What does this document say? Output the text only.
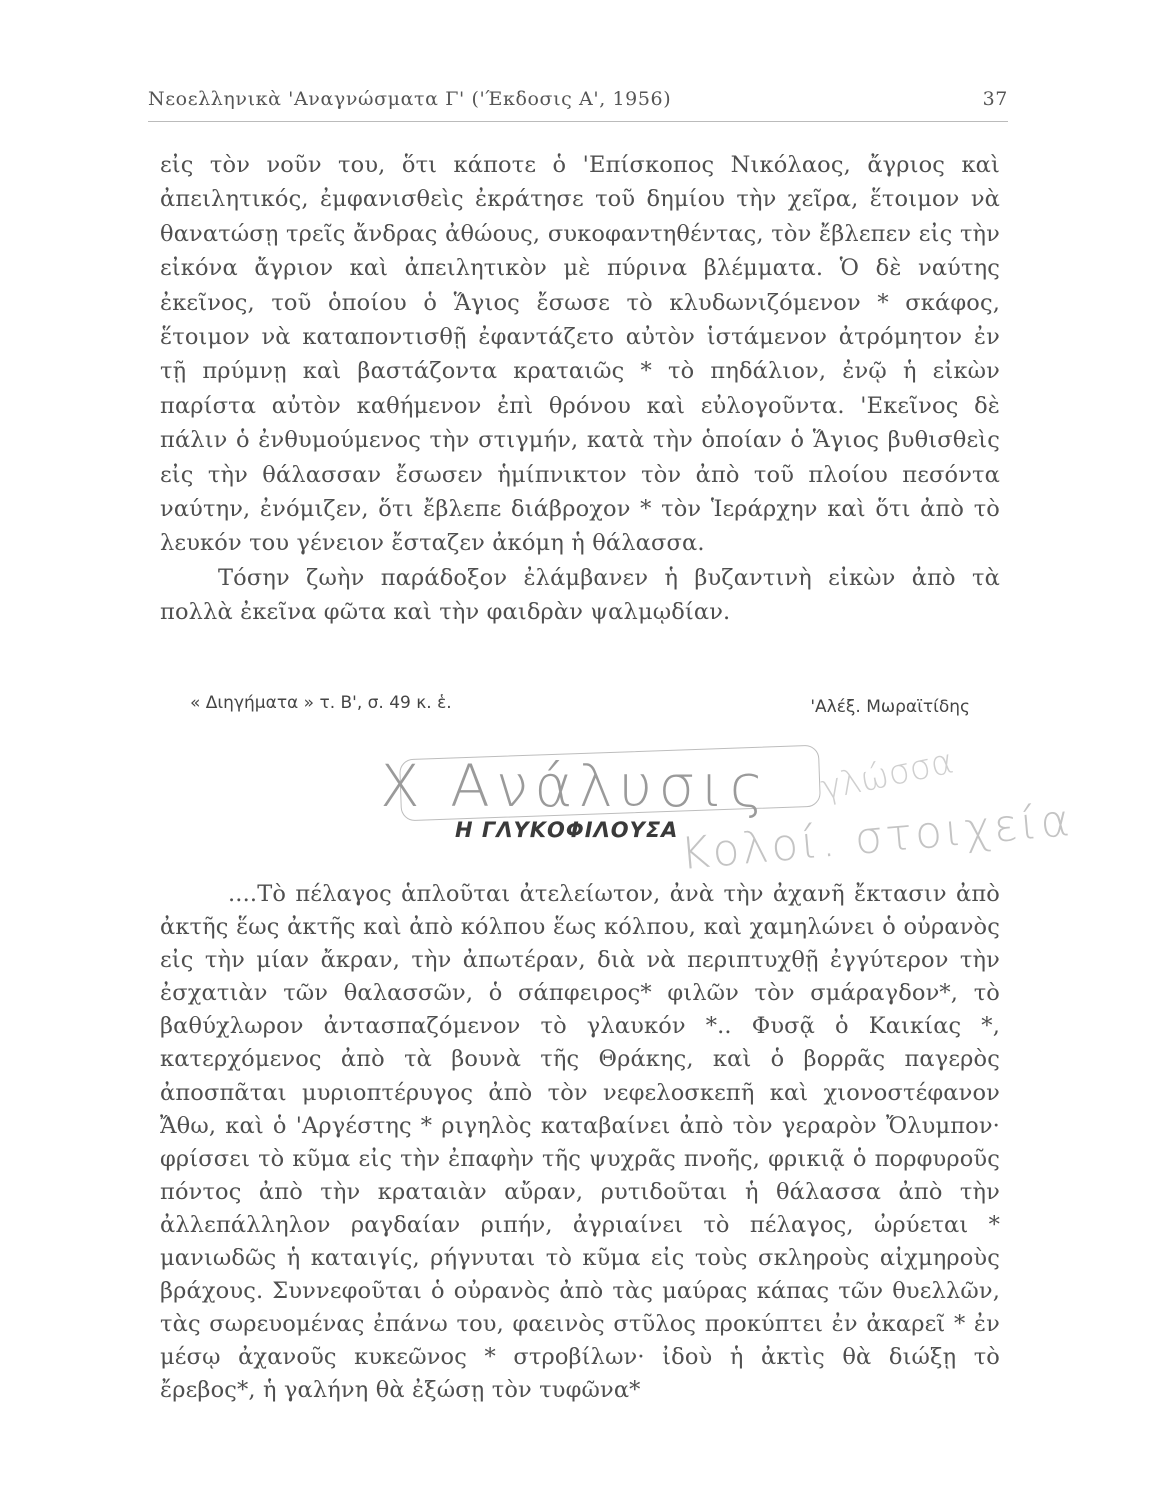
Νεοελληνικὰ 'Αναγνώσματα Γ' ('Έκδοσις Α', 1956)	37

εἰς τὸν νοῦν του, ὅτι κάποτε ὁ 'Επίσκοπος Νικόλαος, ἄγριος καὶ ἀπειλητικός, ἐμφανισθεὶς ἐκράτησε τοῦ δημίου τὴν χεῖρα, ἕτοιμον νὰ θανατώσῃ τρεῖς ἄνδρας ἀθώους, συκοφαντηθέντας, τὸν ἔβλεπεν εἰς τὴν εἰκόνα ἄγριον καὶ ἀπειλητικὸν μὲ πύρινα βλέμματα. Ὁ δὲ ναύτης ἐκεῖνος, τοῦ ὁποίου ὁ Ἅγιος ἔσωσε τὸ κλυδωνιζόμενον * σκάφος, ἕτοιμον νὰ καταποντισθῇ ἐφαντάζετο αὐτὸν ἱστάμενον ἀτρόμητον ἐν τῇ πρύμνῃ καὶ βαστάζοντα κραταιῶς * τὸ πηδάλιον, ἐνῷ ἡ εἰκὼν παρίστα αὐτὸν καθήμενον ἐπὶ θρόνου καὶ εὐλογοῦντα. 'Εκεῖνος δὲ πάλιν ὁ ἐνθυμούμενος τὴν στιγμήν, κατὰ τὴν ὁποίαν ὁ Ἅγιος βυθισθεὶς εἰς τὴν θάλασσαν ἔσωσεν ἡμίπνικτον τὸν ἀπὸ τοῦ πλοίου πεσόντα ναύτην, ἐνόμιζεν, ὅτι ἔβλεπε διάβροχον * τὸν Ἱεράρχην καὶ ὅτι ἀπὸ τὸ λευκόν του γένειον ἔσταζεν ἀκόμη ἡ θάλασσα.

Τόσην ζωὴν παράδοξον ἐλάμβανεν ἡ βυζαντινὴ εἰκὼν ἀπὸ τὰ πολλὰ ἐκεῖνα φῶτα καὶ τὴν φαιδρὰν ψαλμῳδίαν.

« Διηγήματα » τ. Β', σ. 49 κ. ἑ.	'Αλέξ. Μωραϊτίδης
Χ Ανάλυσις γλώσσα
Κολοί. στοιχεία
Η ΓΛΥΚΟΦΙΛΟΥΣΑ

....Τὸ πέλαγος ἁπλοῦται ἀτελείωτον, ἀνὰ τὴν ἀχανῆ ἔκτασιν ἀπὸ ἀκτῆς ἕως ἀκτῆς καὶ ἀπὸ κόλπου ἕως κόλπου, καὶ χαμηλώνει ὁ οὐρανὸς εἰς τὴν μίαν ἄκραν, τὴν ἀπωτέραν, διὰ νὰ περιπτυχθῇ ἐγγύτερον τὴν ἐσχατιὰν τῶν θαλασσῶν, ὁ σάπφειρος* φιλῶν τὸν σμάραγδον*, τὸ βαθύχλωρον ἀντασπαζόμενον τὸ γλαυκόν *.. Φυσᾷ ὁ Καικίας *, κατερχόμενος ἀπὸ τὰ βουνὰ τῆς Θράκης, καὶ ὁ βορρᾶς παγερὸς ἀποσπᾶται μυριοπτέρυγος ἀπὸ τὸν νεφελοσκεπῆ καὶ χιονοστέφανον Ἄθω, καὶ ὁ 'Αργέστης * ριγηλὸς καταβαίνει ἀπὸ τὸν γεραρὸν Ὄλυμπον· φρίσσει τὸ κῦμα εἰς τὴν ἐπαφὴν τῆς ψυχρᾶς πνοῆς, φρικιᾷ ὁ πορφυροῦς πόντος ἀπὸ τὴν κραταιὰν αὔραν, ρυτιδοῦται ἡ θάλασσα ἀπὸ τὴν ἀλλεπάλληλον ραγδαίαν ριπήν, ἀγριαίνει τὸ πέλαγος, ὠρύεται * μανιωδῶς ἡ καταιγίς, ρήγνυται τὸ κῦμα εἰς τοὺς σκληροὺς αἰχμηροὺς βράχους. Συννεφοῦται ὁ οὐρανὸς ἀπὸ τὰς μαύρας κάπας τῶν θυελλῶν, τὰς σωρευομένας ἐπάνω του, φαεινὸς στῦλος προκύπτει ἐν ἀκαρεῖ * ἐν μέσῳ ἀχανοῦς κυκεῶνος * στροβίλων· ἰδοὺ ἡ ἀκτὶς θὰ διώξῃ τὸ ἔρεβος*, ἡ γαλήνη θὰ ἐξώσῃ τὸν τυφῶνα*
